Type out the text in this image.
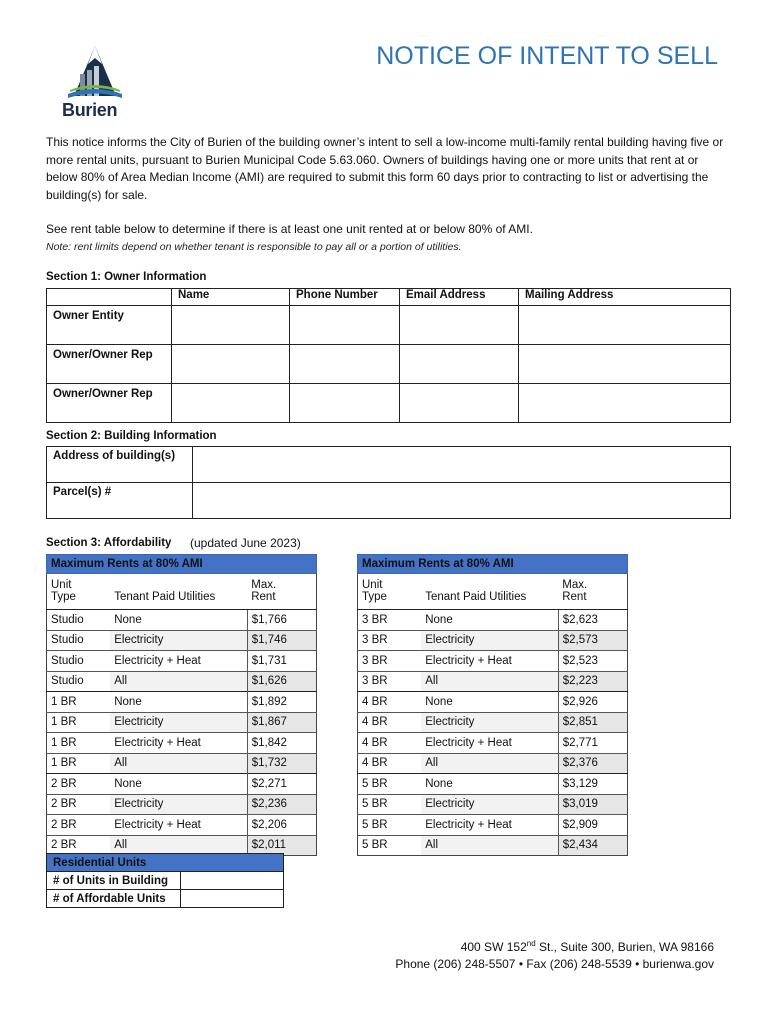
Burien
NOTICE OF INTENT TO SELL
This notice informs the City of Burien of the building owner’s intent to sell a low-income multi-family rental building having five or more rental units, pursuant to Burien Municipal Code 5.63.060. Owners of buildings having one or more units that rent at or below 80% of Area Median Income (AMI) are required to submit this form 60 days prior to contracting to list or advertising the building(s) for sale.
See rent table below to determine if there is at least one unit rented at or below 80% of AMI.
Note: rent limits depend on whether tenant is responsible to pay all or a portion of utilities.
Section 1: Owner Information
	Name	Phone Number	Email Address	Mailing Address
Owner Entity				
Owner/Owner Rep				
Owner/Owner Rep				
Section 2: Building Information
Address of building(s)	
Parcel(s) #	
Section 3: Affordability (updated June 2023)
Maximum Rents at 80% AMI		
Unit		Max.
Type	Tenant Paid Utilities	Rent
Studio	None	$1,766
Studio	Electricity	$1,746
Studio	Electricity + Heat	$1,731
Studio	All	$1,626
1 BR	None	$1,892
1 BR	Electricity	$1,867
1 BR	Electricity + Heat	$1,842
1 BR	All	$1,732
2 BR	None	$2,271
2 BR	Electricity	$2,236
2 BR	Electricity + Heat	$2,206
2 BR	All	$2,011
Maximum Rents at 80% AMI		
Unit		Max.
Type	Tenant Paid Utilities	Rent
3 BR	None	$2,623
3 BR	Electricity	$2,573
3 BR	Electricity + Heat	$2,523
3 BR	All	$2,223
4 BR	None	$2,926
4 BR	Electricity	$2,851
4 BR	Electricity + Heat	$2,771
4 BR	All	$2,376
5 BR	None	$3,129
5 BR	Electricity	$3,019
5 BR	Electricity + Heat	$2,909
5 BR	All	$2,434
Residential Units	
# of Units in Building	
# of Affordable Units	
400 SW 152nd St., Suite 300, Burien, WA 98166
Phone (206) 248-5507 • Fax (206) 248-5539 • burienwa.gov
